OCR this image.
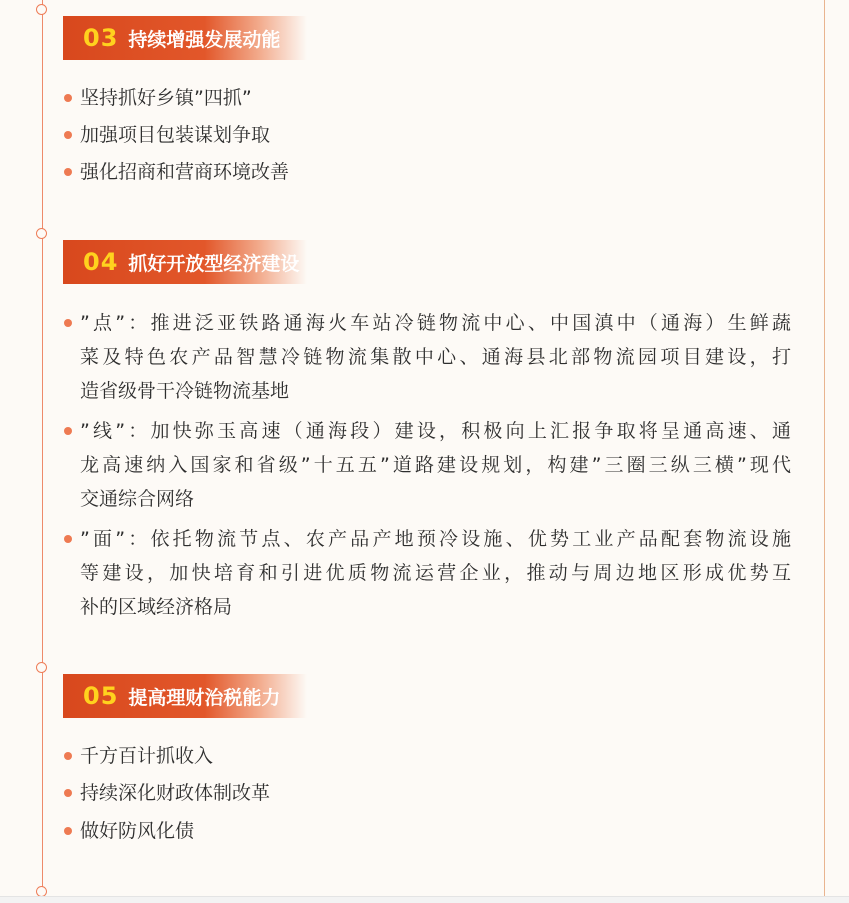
03 持续增强发展动能
坚持抓好乡镇”四抓”
加强项目包装谋划争取
强化招商和营商环境改善
04 抓好开放型经济建设
”点”：推进泛亚铁路通海火车站冷链物流中心、中国滇中（通海）生鲜蔬
菜及特色农产品智慧冷链物流集散中心、通海县北部物流园项目建设，打
造省级骨干冷链物流基地
”线”：加快弥玉高速（通海段）建设，积极向上汇报争取将呈通高速、通
龙高速纳入国家和省级”十五五”道路建设规划，构建”三圈三纵三横”现代
交通综合网络
”面”：依托物流节点、农产品产地预冷设施、优势工业产品配套物流设施
等建设，加快培育和引进优质物流运营企业，推动与周边地区形成优势互
补的区域经济格局
05 提高理财治税能力
千方百计抓收入
持续深化财政体制改革
做好防风化债
